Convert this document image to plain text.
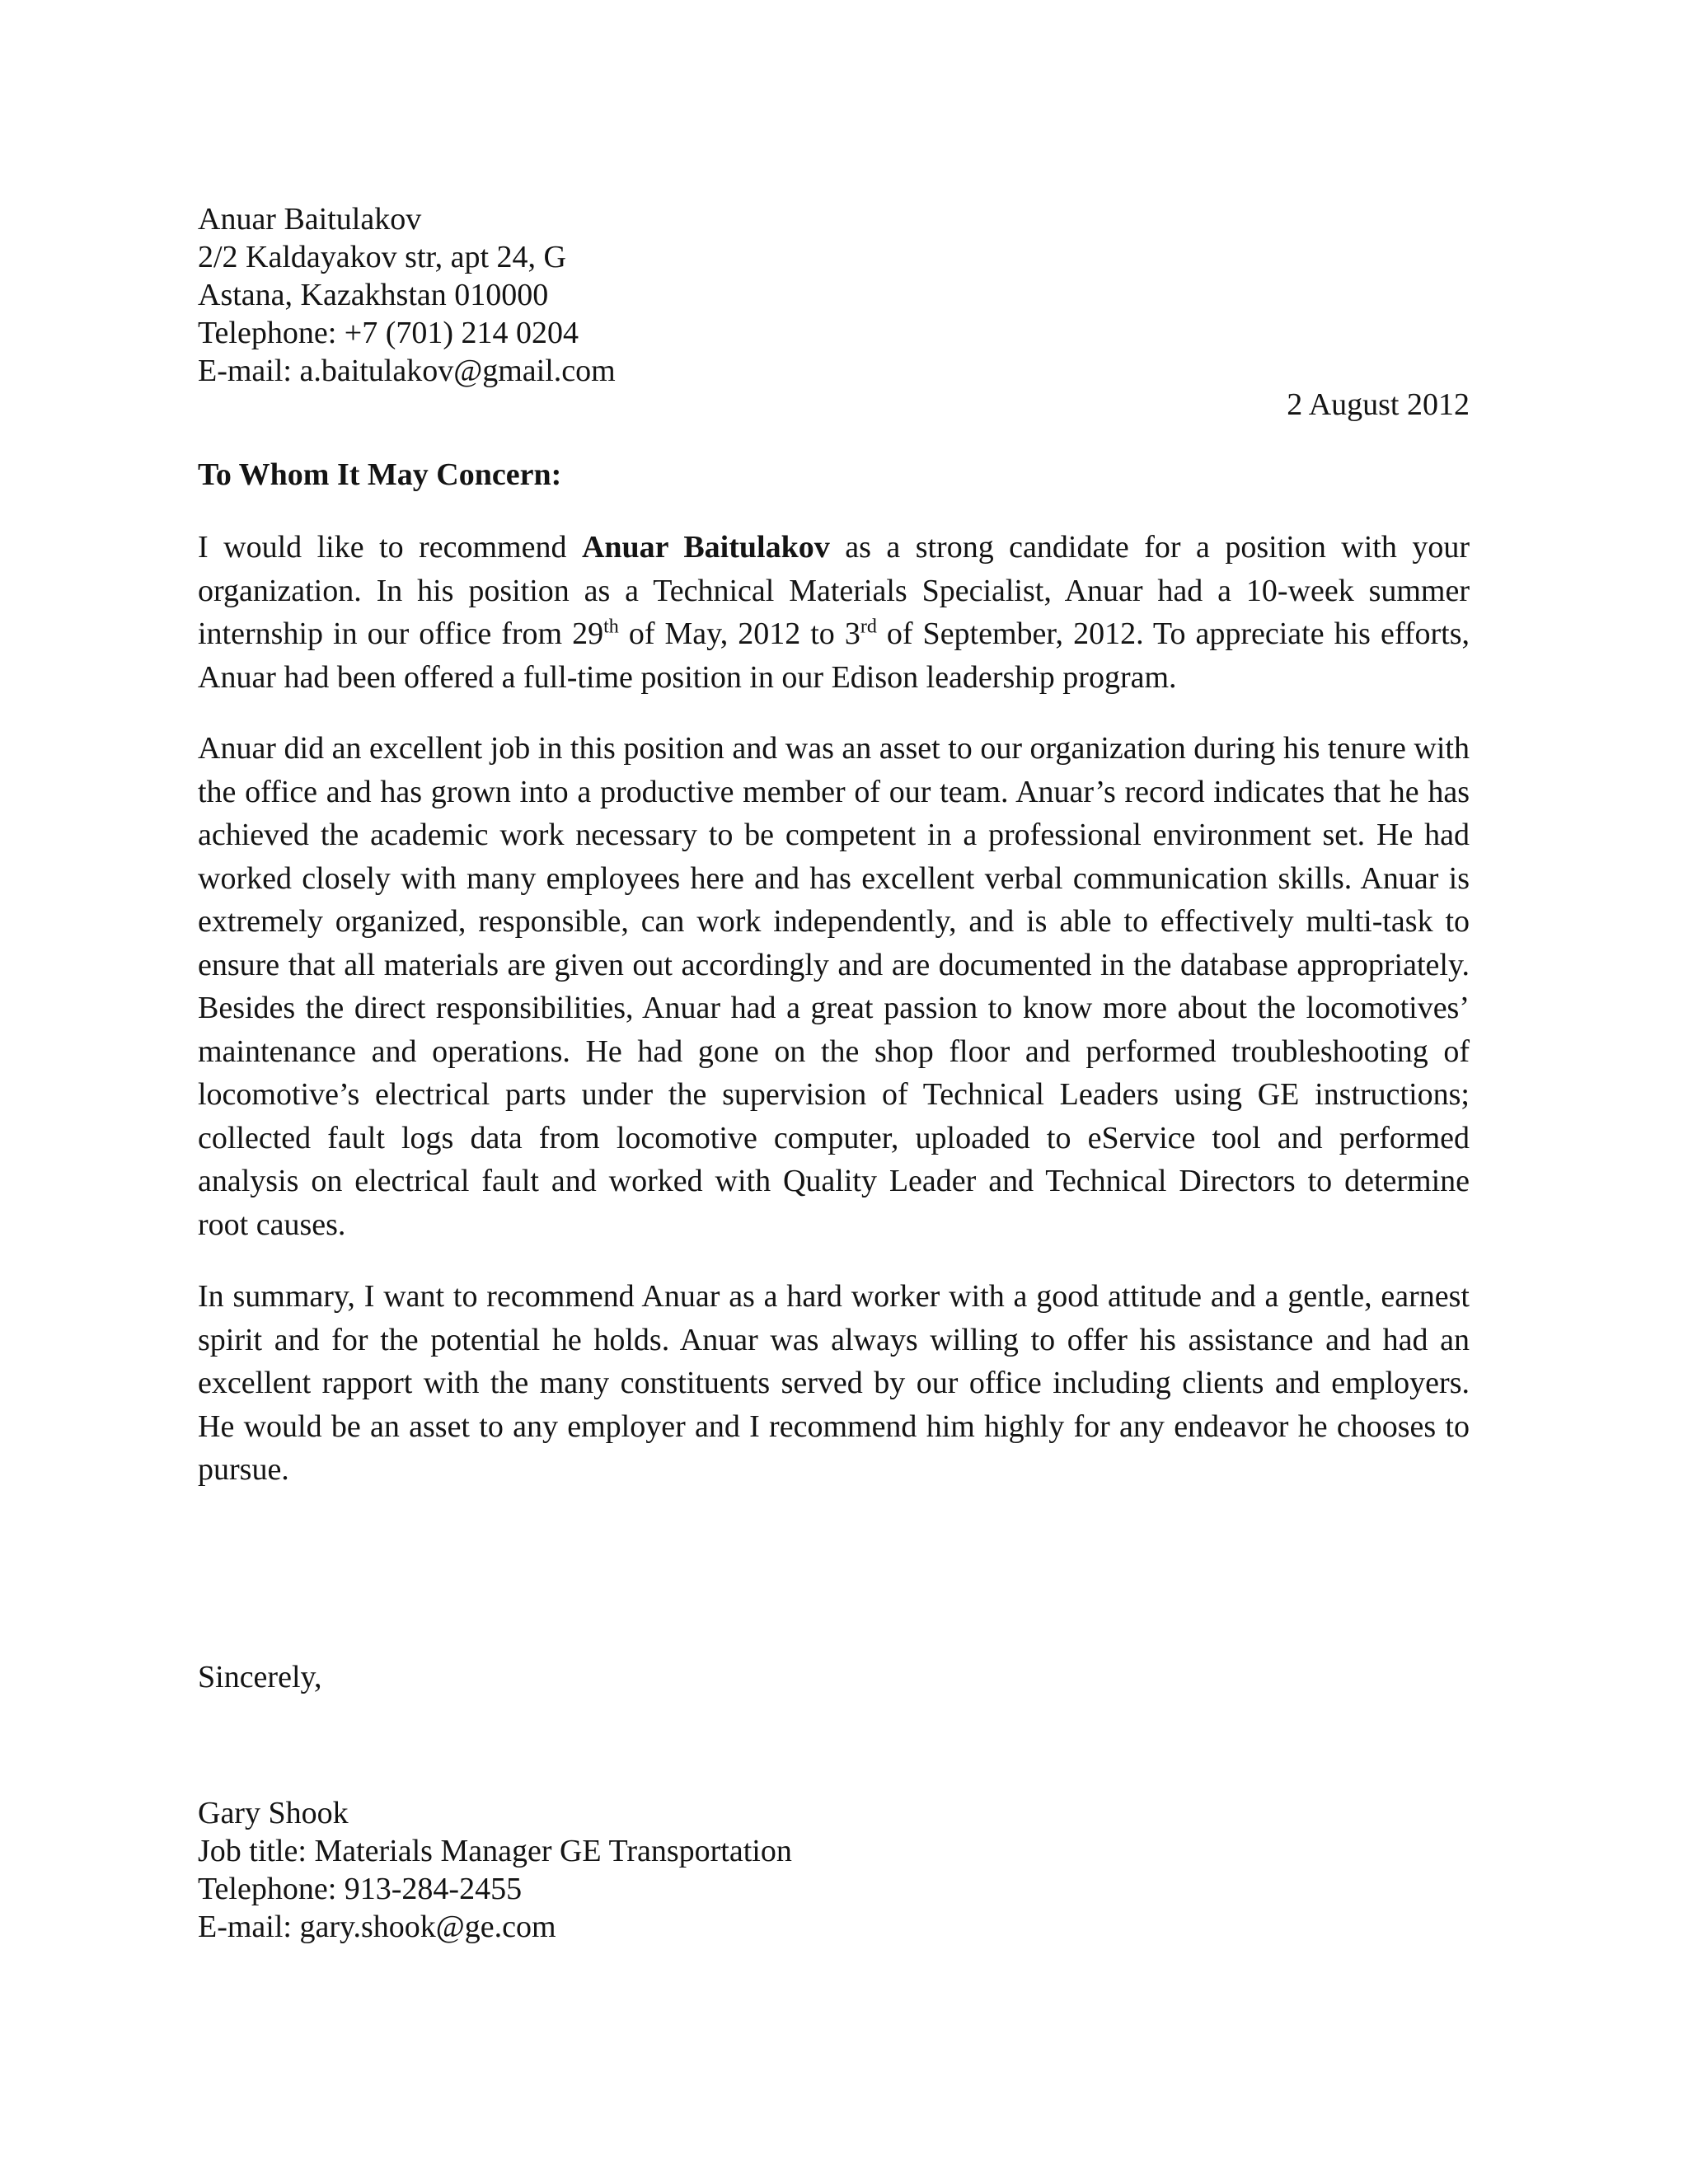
Anuar Baitulakov
2/2 Kaldayakov str, apt 24, G
Astana, Kazakhstan 010000
Telephone: +7 (701) 214 0204
E-mail: a.baitulakov@gmail.com
2 August 2012
To Whom It May Concern:

I would like to recommend Anuar Baitulakov as a strong candidate for a position with your organization. In his position as a Technical Materials Specialist, Anuar had a 10-week summer internship in our office from 29th of May, 2012 to 3rd of September, 2012. To appreciate his efforts, Anuar had been offered a full-time position in our Edison leadership program.

Anuar did an excellent job in this position and was an asset to our organization during his tenure with the office and has grown into a productive member of our team. Anuar’s record indicates that he has achieved the academic work necessary to be competent in a professional environment set. He had worked closely with many employees here and has excellent verbal communication skills. Anuar is extremely organized, responsible, can work independently, and is able to effectively multi-task to ensure that all materials are given out accordingly and are documented in the database appropriately. Besides the direct responsibilities, Anuar had a great passion to know more about the locomotives’ maintenance and operations. He had gone on the shop floor and performed troubleshooting of locomotive’s electrical parts under the supervision of Technical Leaders using GE instructions; collected fault logs data from locomotive computer, uploaded to eService tool and performed analysis on electrical fault and worked with Quality Leader and Technical Directors to determine root causes.

In summary, I want to recommend Anuar as a hard worker with a good attitude and a gentle, earnest spirit and for the potential he holds. Anuar was always willing to offer his assistance and had an excellent rapport with the many constituents served by our office including clients and employers. He would be an asset to any employer and I recommend him highly for any endeavor he chooses to pursue.

Sincerely,
Gary Shook
Job title: Materials Manager GE Transportation
Telephone: 913-284-2455
E-mail: gary.shook@ge.com
